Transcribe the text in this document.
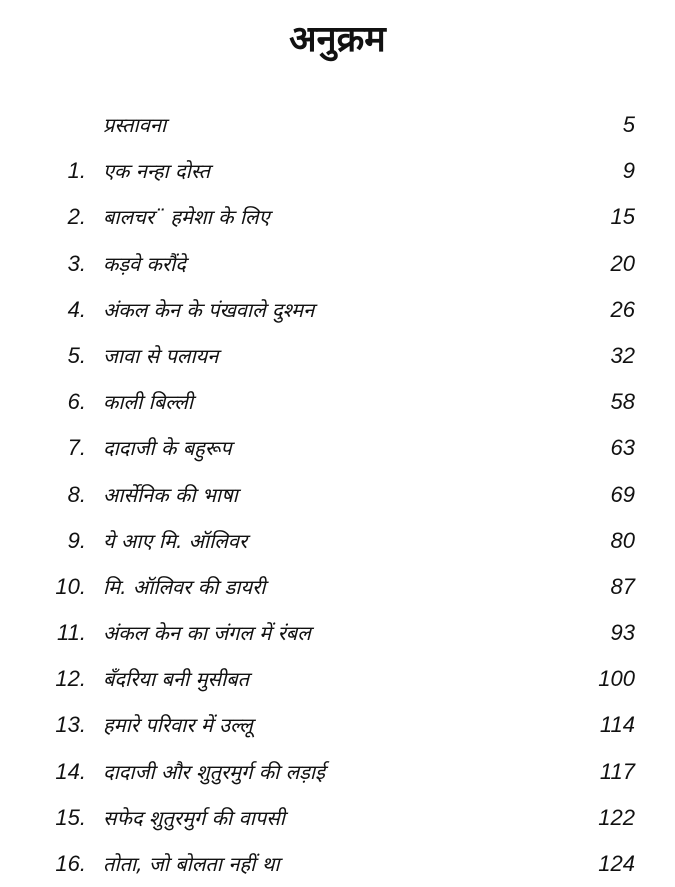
अनुक्रम
प्रस्तावना	5
1. एक नन्हा दोस्त	9
2. बालचर¨ हमेशा के लिए	15
3. कड़वे करौंदे	20
4. अंकल केन के पंखवाले दुश्मन	26
5. जावा से पलायन	32
6. काली बिल्ली	58
7. दादाजी के बहुरूप	63
8. आर्सेनिक की भाषा	69
9. ये आए मि. ऑलिवर	80
10. मि. ऑलिवर की डायरी	87
11. अंकल केन का जंगल में रंबल	93
12. बँदरिया बनी मुसीबत	100
13. हमारे परिवार में उल्लू	114
14. दादाजी और शुतुरमुर्ग की लड़ाई	117
15. सफेद शुतुरमुर्ग की वापसी	122
16. तोता, जो बोलता नहीं था	124
